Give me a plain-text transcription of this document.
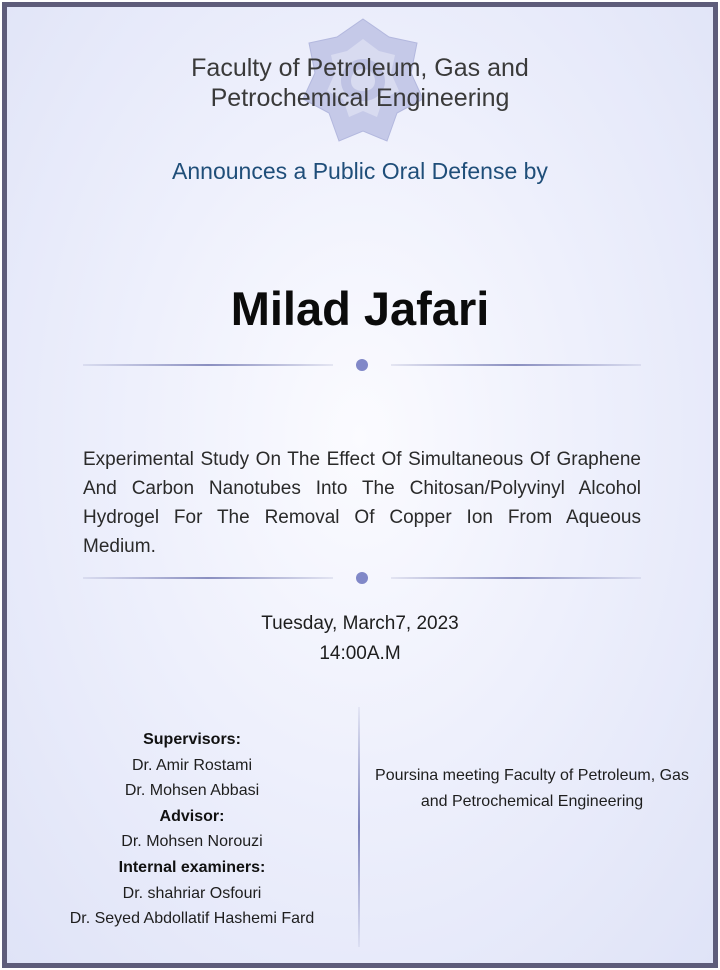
Faculty of Petroleum, Gas and
Petrochemical Engineering
Announces a Public Oral Defense by
Milad Jafari
Experimental Study On The Effect Of Simultaneous Of Graphene And Carbon Nanotubes Into The Chitosan/Polyvinyl Alcohol Hydrogel For The Removal Of Copper Ion From Aqueous Medium.
Tuesday, March7, 2023
14:00A.M
Supervisors:
Dr. Amir Rostami
Dr. Mohsen Abbasi
Advisor:
Dr. Mohsen Norouzi
Internal examiners:
Dr. shahriar Osfouri
Dr. Seyed Abdollatif Hashemi Fard
Poursina meeting Faculty of Petroleum, Gas and Petrochemical Engineering
